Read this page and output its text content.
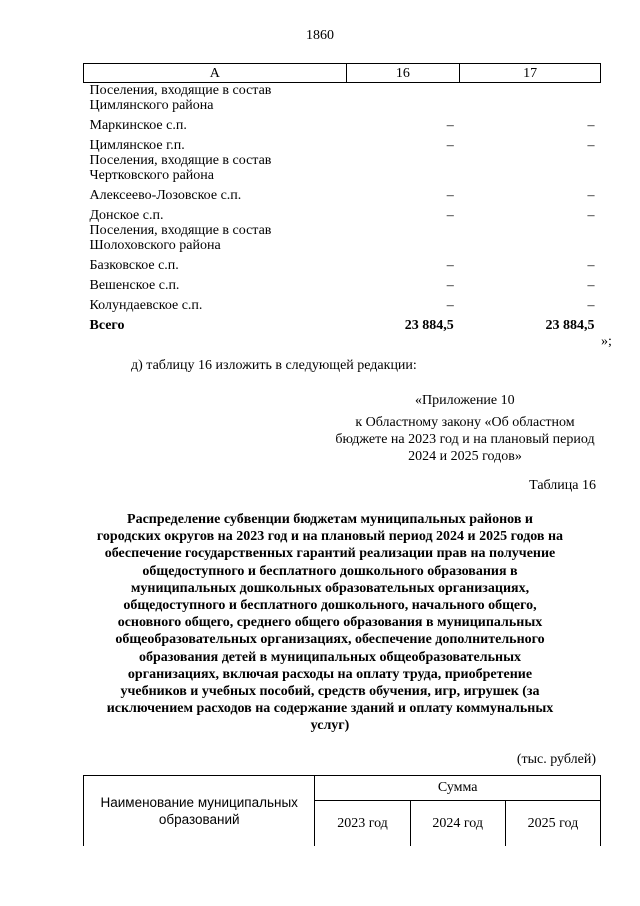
1860
А	16	17
Поселения, входящие в состав Цимлянского района		

Маркинское с.п.	–	–

Цимлянское г.п.	–	–
Поселения, входящие в состав Чертковского района		

Алексеево-Лозовское с.п.	–	–

Донское с.п.	–	–
Поселения, входящие в состав Шолоховского района		

Базковское с.п.	–	–

Вешенское с.п.	–	–

Колундаевское с.п.	–	–

Всего	23 884,5	23 884,5
»;
д) таблицу 16 изложить в следующей редакции:
«Приложение 10
к Областному закону «Об областном бюджете на 2023 год и на плановый период 2024 и 2025 годов»
Таблица 16
Распределение субвенции бюджетам муниципальных районов и городских округов на 2023 год и на плановый период 2024 и 2025 годов на обеспечение государственных гарантий реализации прав на получение общедоступного и бесплатного дошкольного образования в муниципальных дошкольных образовательных организациях, общедоступного и бесплатного дошкольного, начального общего, основного общего, среднего общего образования в муниципальных общеобразовательных организациях, обеспечение дополнительного образования детей в муниципальных общеобразовательных организациях, включая расходы на оплату труда, приобретение учебников и учебных пособий, средств обучения, игр, игрушек (за исключением расходов на содержание зданий и оплату коммунальных услуг)
(тыс. рублей)
Наименование муниципальных образований	Сумма		
	2023 год	2024 год	2025 год
